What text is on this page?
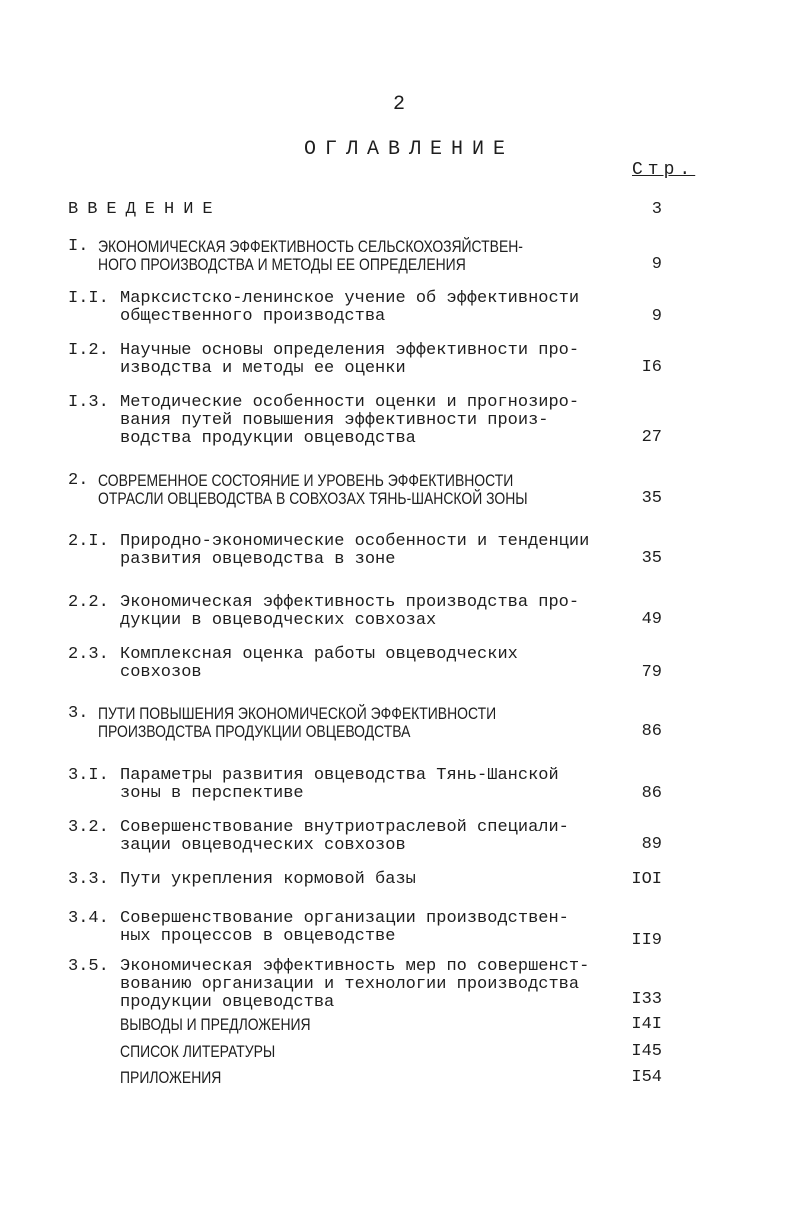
2
ОГЛАВЛЕНИЕ
Стр.
ВВЕДЕНИЕ	3
I. ЭКОНОМИЧЕСКАЯ ЭФФЕКТИВНОСТЬ СЕЛЬСКОХОЗЯЙСТВЕН-
НОГО ПРОИЗВОДСТВА И МЕТОДЫ ЕЕ ОПРЕДЕЛЕНИЯ	9
I.I. Марксистско-ленинское учение об эффективности
общественного производства	9
I.2. Научные основы определения эффективности про-
изводства и методы ее оценки	I6
I.3. Методические особенности оценки и прогнозиро-
вания путей повышения эффективности произ-
водства продукции овцеводства	27
2. СОВРЕМЕННОЕ СОСТОЯНИЕ И УРОВЕНЬ ЭФФЕКТИВНОСТИ
ОТРАСЛИ ОВЦЕВОДСТВА В СОВХОЗАХ ТЯНЬ-ШАНСКОЙ ЗОНЫ	35
2.I. Природно-экономические особенности и тенденции
развития овцеводства в зоне	35
2.2. Экономическая эффективность производства про-
дукции в овцеводческих совхозах	49
2.3. Комплексная оценка работы овцеводческих
совхозов	79
3. ПУТИ ПОВЫШЕНИЯ ЭКОНОМИЧЕСКОЙ ЭФФЕКТИВНОСТИ
ПРОИЗВОДСТВА ПРОДУКЦИИ ОВЦЕВОДСТВА	86
3.I. Параметры развития овцеводства Тянь-Шанской
зоны в перспективе	86
3.2. Совершенствование внутриотраслевой специали-
зации овцеводческих совхозов	89
3.3. Пути укрепления кормовой базы	IOI
3.4. Совершенствование организации производствен-
ных процессов в овцеводстве	II9
3.5. Экономическая эффективность мер по совершенст-
вованию организации и технологии производства
продукции овцеводства	I33
ВЫВОДЫ И ПРЕДЛОЖЕНИЯ	I4I
СПИСОК ЛИТЕРАТУРЫ	I45
ПРИЛОЖЕНИЯ	I54
